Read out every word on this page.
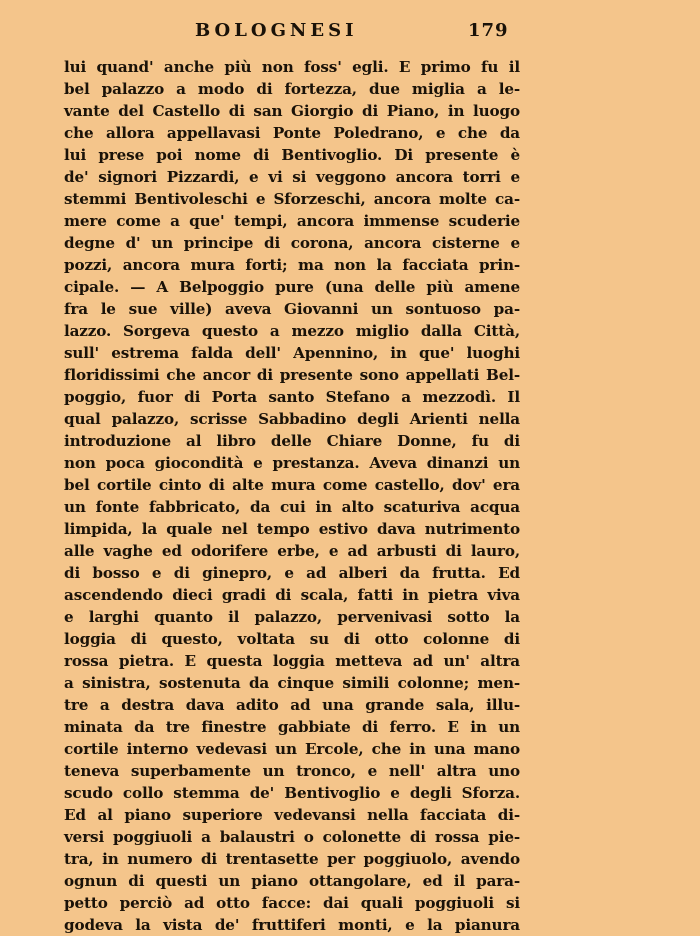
BOLOGNESI	179
lui quand' anche più non foss' egli. E primo fu il
bel palazzo a modo di fortezza, due miglia a le-
vante del Castello di san Giorgio di Piano, in luogo
che allora appellavasi Ponte Poledrano, e che da
lui prese poi nome di Bentivoglio. Di presente è
de' signori Pizzardi, e vi si veggono ancora torri e
stemmi Bentivoleschi e Sforzeschi, ancora molte ca-
mere come a que' tempi, ancora immense scuderie
degne d' un principe di corona, ancora cisterne e
pozzi, ancora mura forti; ma non la facciata prin-
cipale. — A Belpoggio pure (una delle più amene
fra le sue ville) aveva Giovanni un sontuoso pa-
lazzo. Sorgeva questo a mezzo miglio dalla Città,
sull' estrema falda dell' Apennino, in que' luoghi
floridissimi che ancor di presente sono appellati Bel-
poggio, fuor di Porta santo Stefano a mezzodì. Il
qual palazzo, scrisse Sabbadino degli Arienti nella
introduzione al libro delle Chiare Donne, fu di
non poca giocondità e prestanza. Aveva dinanzi un
bel cortile cinto di alte mura come castello, dov' era
un fonte fabbricato, da cui in alto scaturiva acqua
limpida, la quale nel tempo estivo dava nutrimento
alle vaghe ed odorifere erbe, e ad arbusti di lauro,
di bosso e di ginepro, e ad alberi da frutta. Ed
ascendendo dieci gradi di scala, fatti in pietra viva
e larghi quanto il palazzo, pervenivasi sotto la
loggia di questo, voltata su di otto colonne di
rossa pietra. E questa loggia metteva ad un' altra
a sinistra, sostenuta da cinque simili colonne; men-
tre a destra dava adito ad una grande sala, illu-
minata da tre finestre gabbiate di ferro. E in un
cortile interno vedevasi un Ercole, che in una mano
teneva superbamente un tronco, e nell' altra uno
scudo collo stemma de' Bentivoglio e degli Sforza.
Ed al piano superiore vedevansi nella facciata di-
versi poggiuoli a balaustri o colonette di rossa pie-
tra, in numero di trentasette per poggiuolo, avendo
ognun di questi un piano ottangolare, ed il para-
petto perciò ad otto facce: dai quali poggiuoli si
godeva la vista de' fruttiferi monti, e la pianura
